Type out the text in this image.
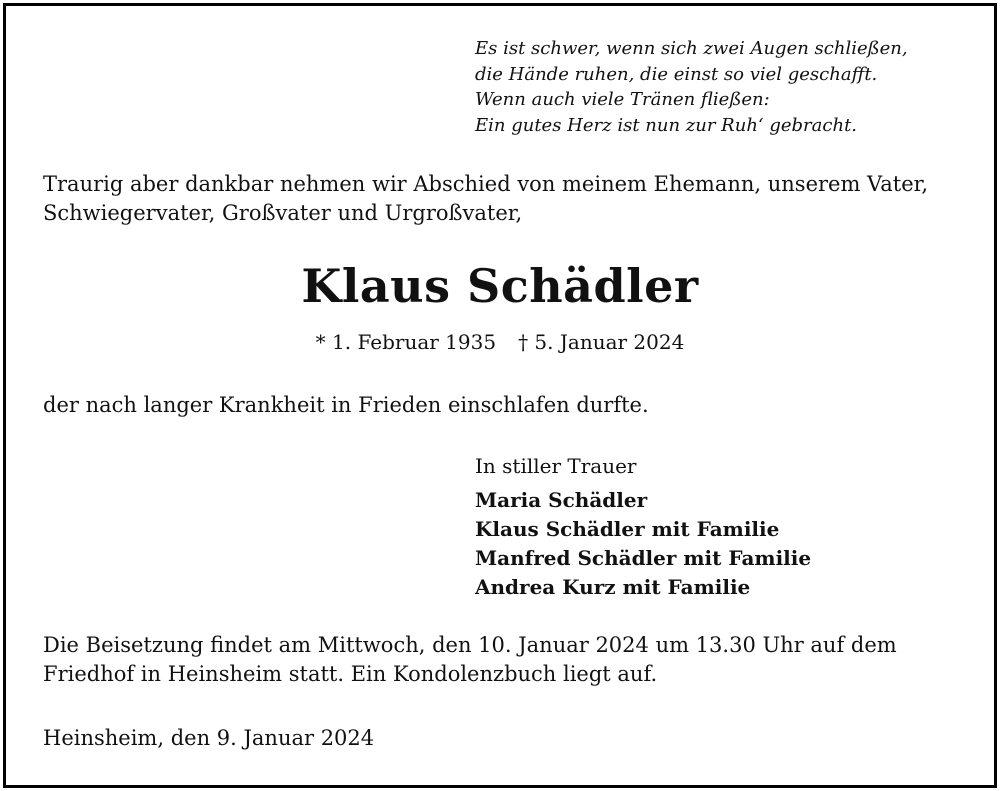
Es ist schwer, wenn sich zwei Augen schließen,
die Hände ruhen, die einst so viel geschafft.
Wenn auch viele Tränen fließen:
Ein gutes Herz ist nun zur Ruh‘ gebracht.
Traurig aber dankbar nehmen wir Abschied von meinem Ehemann, unserem Vater,
Schwiegervater, Großvater und Urgroßvater,
Klaus Schädler
* 1. Februar 1935 † 5. Januar 2024
der nach langer Krankheit in Frieden einschlafen durfte.
In stiller Trauer
Maria Schädler
Klaus Schädler mit Familie
Manfred Schädler mit Familie
Andrea Kurz mit Familie
Die Beisetzung findet am Mittwoch, den 10. Januar 2024 um 13.30 Uhr auf dem
Friedhof in Heinsheim statt. Ein Kondolenzbuch liegt auf.
Heinsheim, den 9. Januar 2024
